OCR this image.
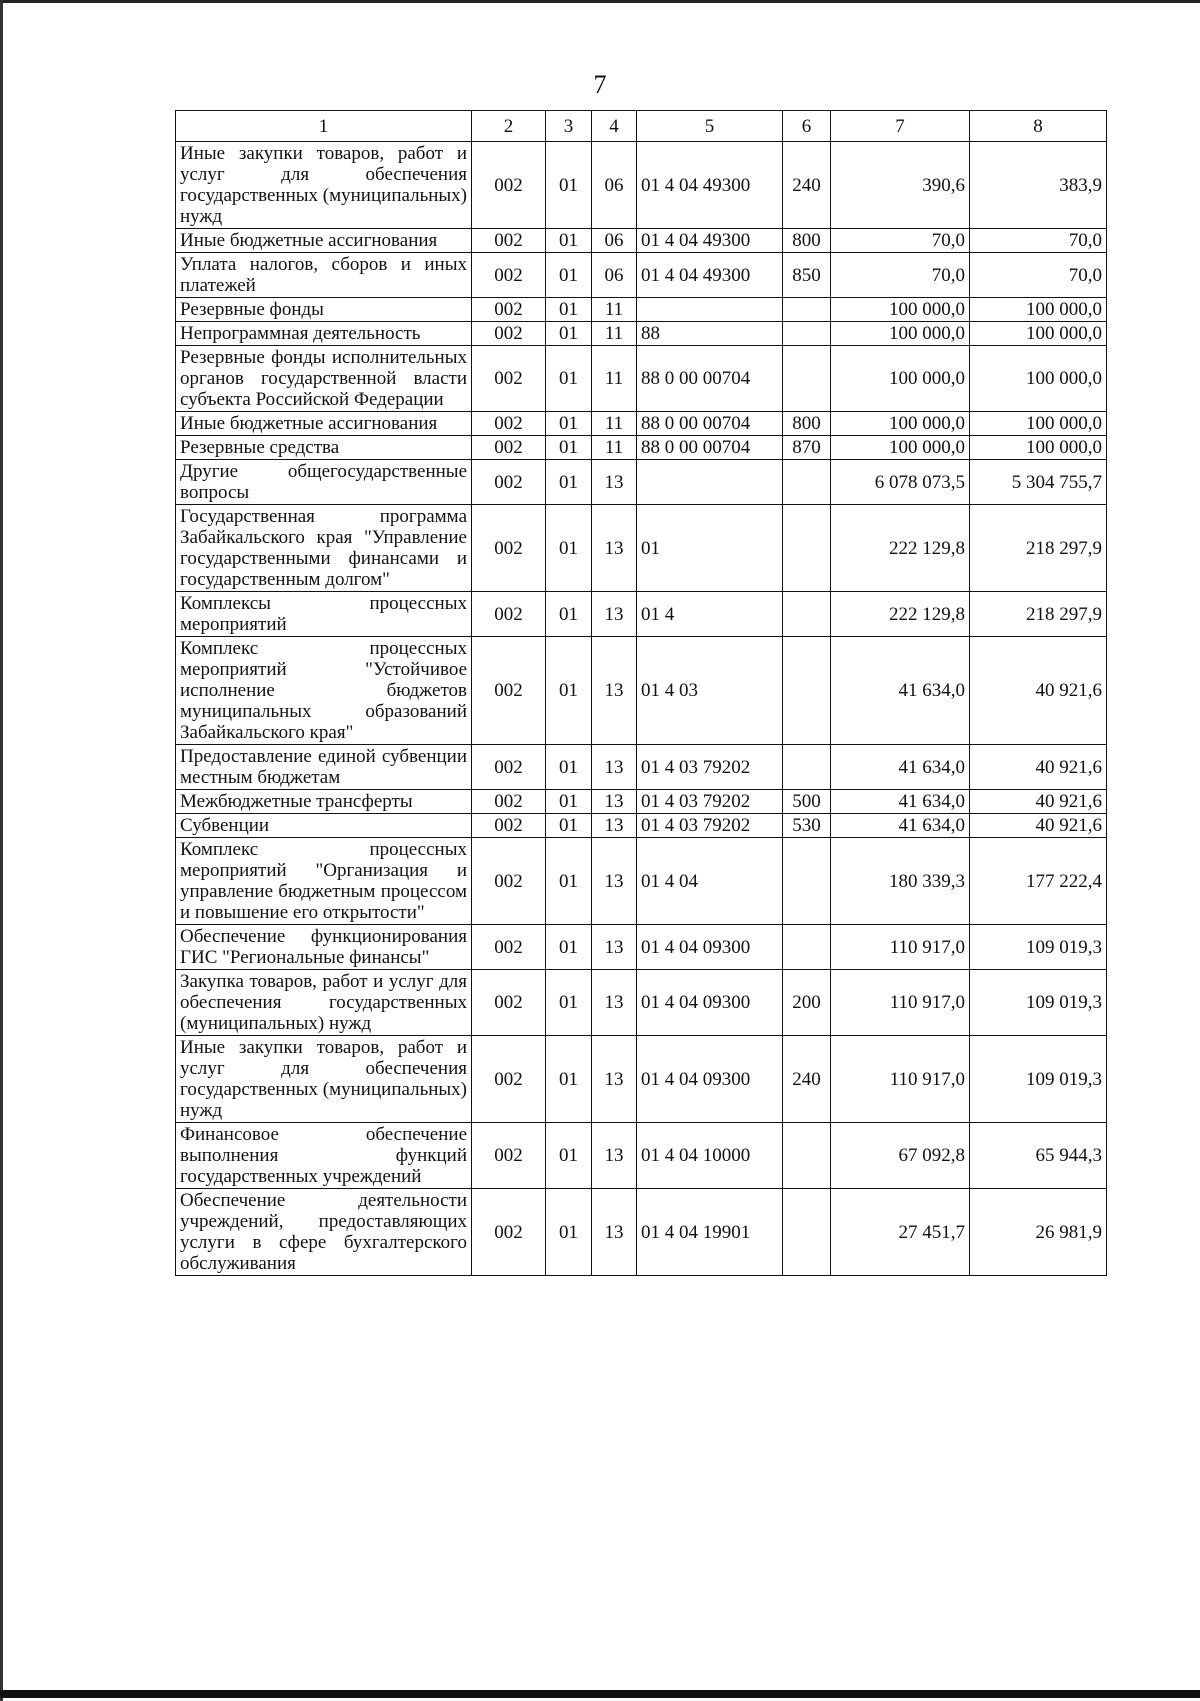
7
1	2	3	4	5	6	7	8
Иные закупки товаров, работ и услуг для обеспечения государственных (муниципальных) нужд	002	01	06	01 4 04 49300	240	390,6	383,9
Иные бюджетные ассигнования	002	01	06	01 4 04 49300	800	70,0	70,0
Уплата налогов, сборов и иных платежей	002	01	06	01 4 04 49300	850	70,0	70,0
Резервные фонды	002	01	11			100 000,0	100 000,0
Непрограммная деятельность	002	01	11	88		100 000,0	100 000,0
Резервные фонды исполнительных органов государственной власти субъекта Российской Федерации	002	01	11	88 0 00 00704		100 000,0	100 000,0
Иные бюджетные ассигнования	002	01	11	88 0 00 00704	800	100 000,0	100 000,0
Резервные средства	002	01	11	88 0 00 00704	870	100 000,0	100 000,0
Другие общегосударственные вопросы	002	01	13			6 078 073,5	5 304 755,7
Государственная программа Забайкальского края "Управление государственными финансами и государственным долгом"	002	01	13	01		222 129,8	218 297,9
Комплексы процессных мероприятий	002	01	13	01 4		222 129,8	218 297,9
Комплекс процессных мероприятий "Устойчивое исполнение бюджетов муниципальных образований Забайкальского края"	002	01	13	01 4 03		41 634,0	40 921,6
Предоставление единой субвенции местным бюджетам	002	01	13	01 4 03 79202		41 634,0	40 921,6
Межбюджетные трансферты	002	01	13	01 4 03 79202	500	41 634,0	40 921,6
Субвенции	002	01	13	01 4 03 79202	530	41 634,0	40 921,6
Комплекс процессных мероприятий "Организация и управление бюджетным процессом и повышение его открытости"	002	01	13	01 4 04		180 339,3	177 222,4
Обеспечение функционирования ГИС "Региональные финансы"	002	01	13	01 4 04 09300		110 917,0	109 019,3
Закупка товаров, работ и услуг для обеспечения государственных (муниципальных) нужд	002	01	13	01 4 04 09300	200	110 917,0	109 019,3
Иные закупки товаров, работ и услуг для обеспечения государственных (муниципальных) нужд	002	01	13	01 4 04 09300	240	110 917,0	109 019,3
Финансовое обеспечение выполнения функций государственных учреждений	002	01	13	01 4 04 10000		67 092,8	65 944,3
Обеспечение деятельности учреждений, предоставляющих услуги в сфере бухгалтерского обслуживания	002	01	13	01 4 04 19901		27 451,7	26 981,9
